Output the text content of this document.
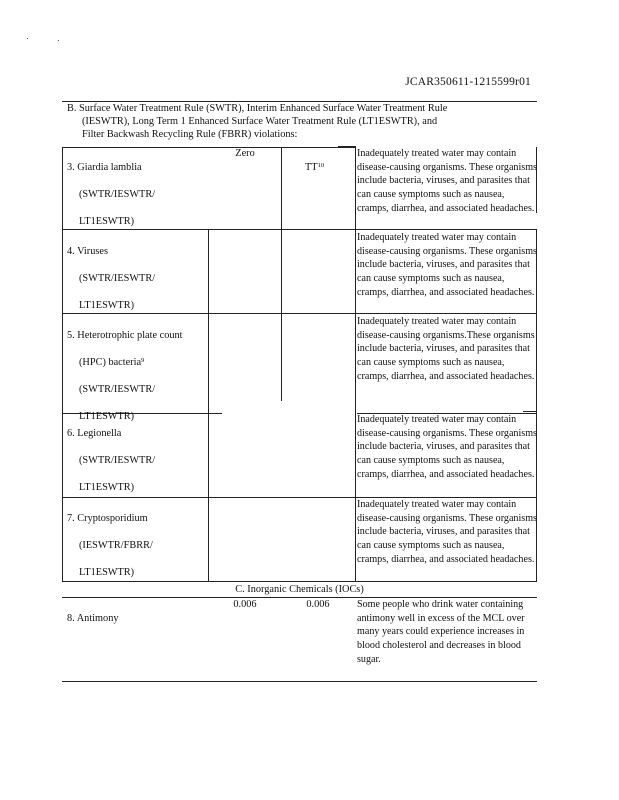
JCAR350611-1215599r01
B. Surface Water Treatment Rule (SWTR), Interim Enhanced Surface Water Treatment Rule
(IESWTR), Long Term 1 Enhanced Surface Water Treatment Rule (LT1ESWTR), and
Filter Backwash Recycling Rule (FBRR) violations:

3. Giardia lamblia

(SWTR/IESWTR/

LT1ESWTR)

Zero

TT$^{10}$

Inadequately treated water may contain disease-causing organisms. These organisms include bacteria, viruses, and parasites that can cause symptoms such as nausea, cramps, diarrhea, and associated headaches.

4. Viruses

(SWTR/IESWTR/

LT1ESWTR)

Inadequately treated water may contain disease-causing organisms. These organisms include bacteria, viruses, and parasites that can cause symptoms such as nausea, cramps, diarrhea, and associated headaches.

5. Heterotrophic plate count

(HPC) bacteria$^9$

(SWTR/IESWTR/

LT1ESWTR)

Inadequately treated water may contain disease-causing organisms.These organisms include bacteria, viruses, and parasites that can cause symptoms such as nausea, cramps, diarrhea, and associated headaches.

6. Legionella

(SWTR/IESWTR/

LT1ESWTR)

Inadequately treated water may contain disease-causing organisms. These organisms include bacteria, viruses, and parasites that can cause symptoms such as nausea, cramps, diarrhea, and associated headaches.

7. Cryptosporidium

(IESWTR/FBRR/

LT1ESWTR)

Inadequately treated water may contain disease-causing organisms. These organisms include bacteria, viruses, and parasites that can cause symptoms such as nausea, cramps, diarrhea, and associated headaches.
C. Inorganic Chemicals (IOCs)

8. Antimony

0.006	0.006	Some people who drink water containing antimony well in excess of the MCL over many years could experience increases in blood cholesterol and decreases in blood sugar.
